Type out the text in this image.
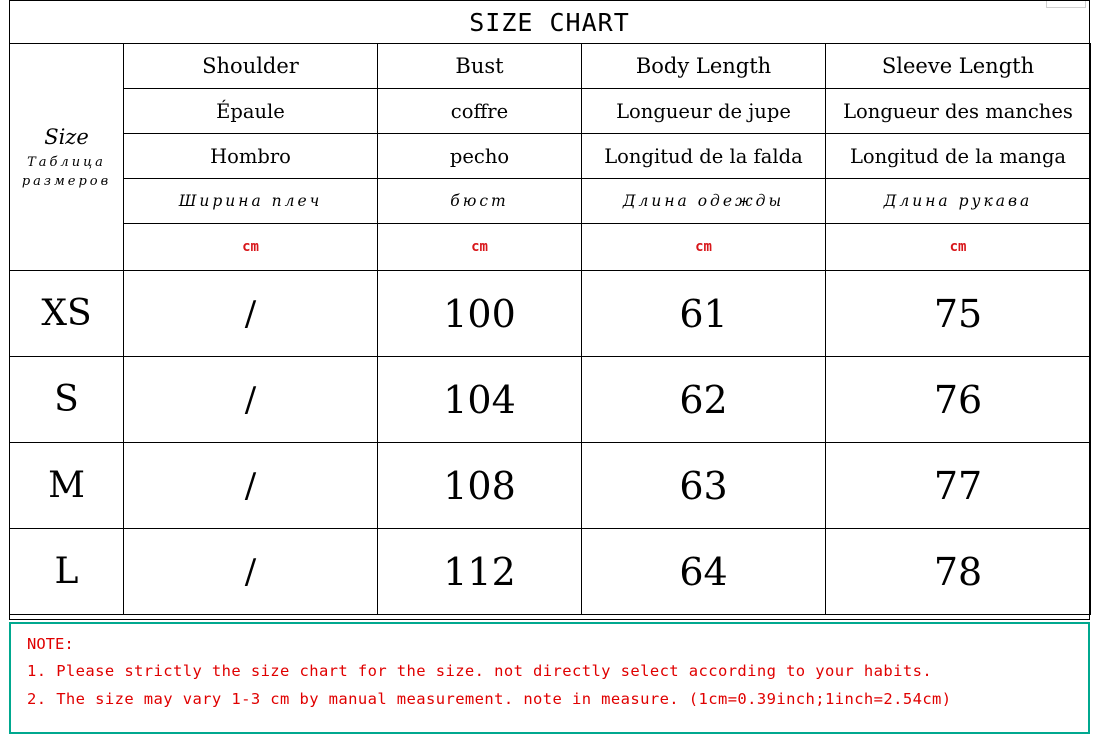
SIZE CHART
Size
Таблица
размеров	Shoulder	Bust	Body Length	Sleeve Length
	Épaule	coffre	Longueur de jupe	Longueur des manches
	Hombro	pecho	Longitud de la falda	Longitud de la manga
	Ширина плеч	бюст	Длина одежды	Длина рукава
	cm	cm	cm	cm
XS	/	100	61	75
S	/	104	62	76
M	/	108	63	77
L	/	112	64	78
NOTE:
1. Please strictly the size chart for the size. not directly select according to your habits.
2. The size may vary 1-3 cm by manual measurement. note in measure. (1cm=0.39inch;1inch=2.54cm)
